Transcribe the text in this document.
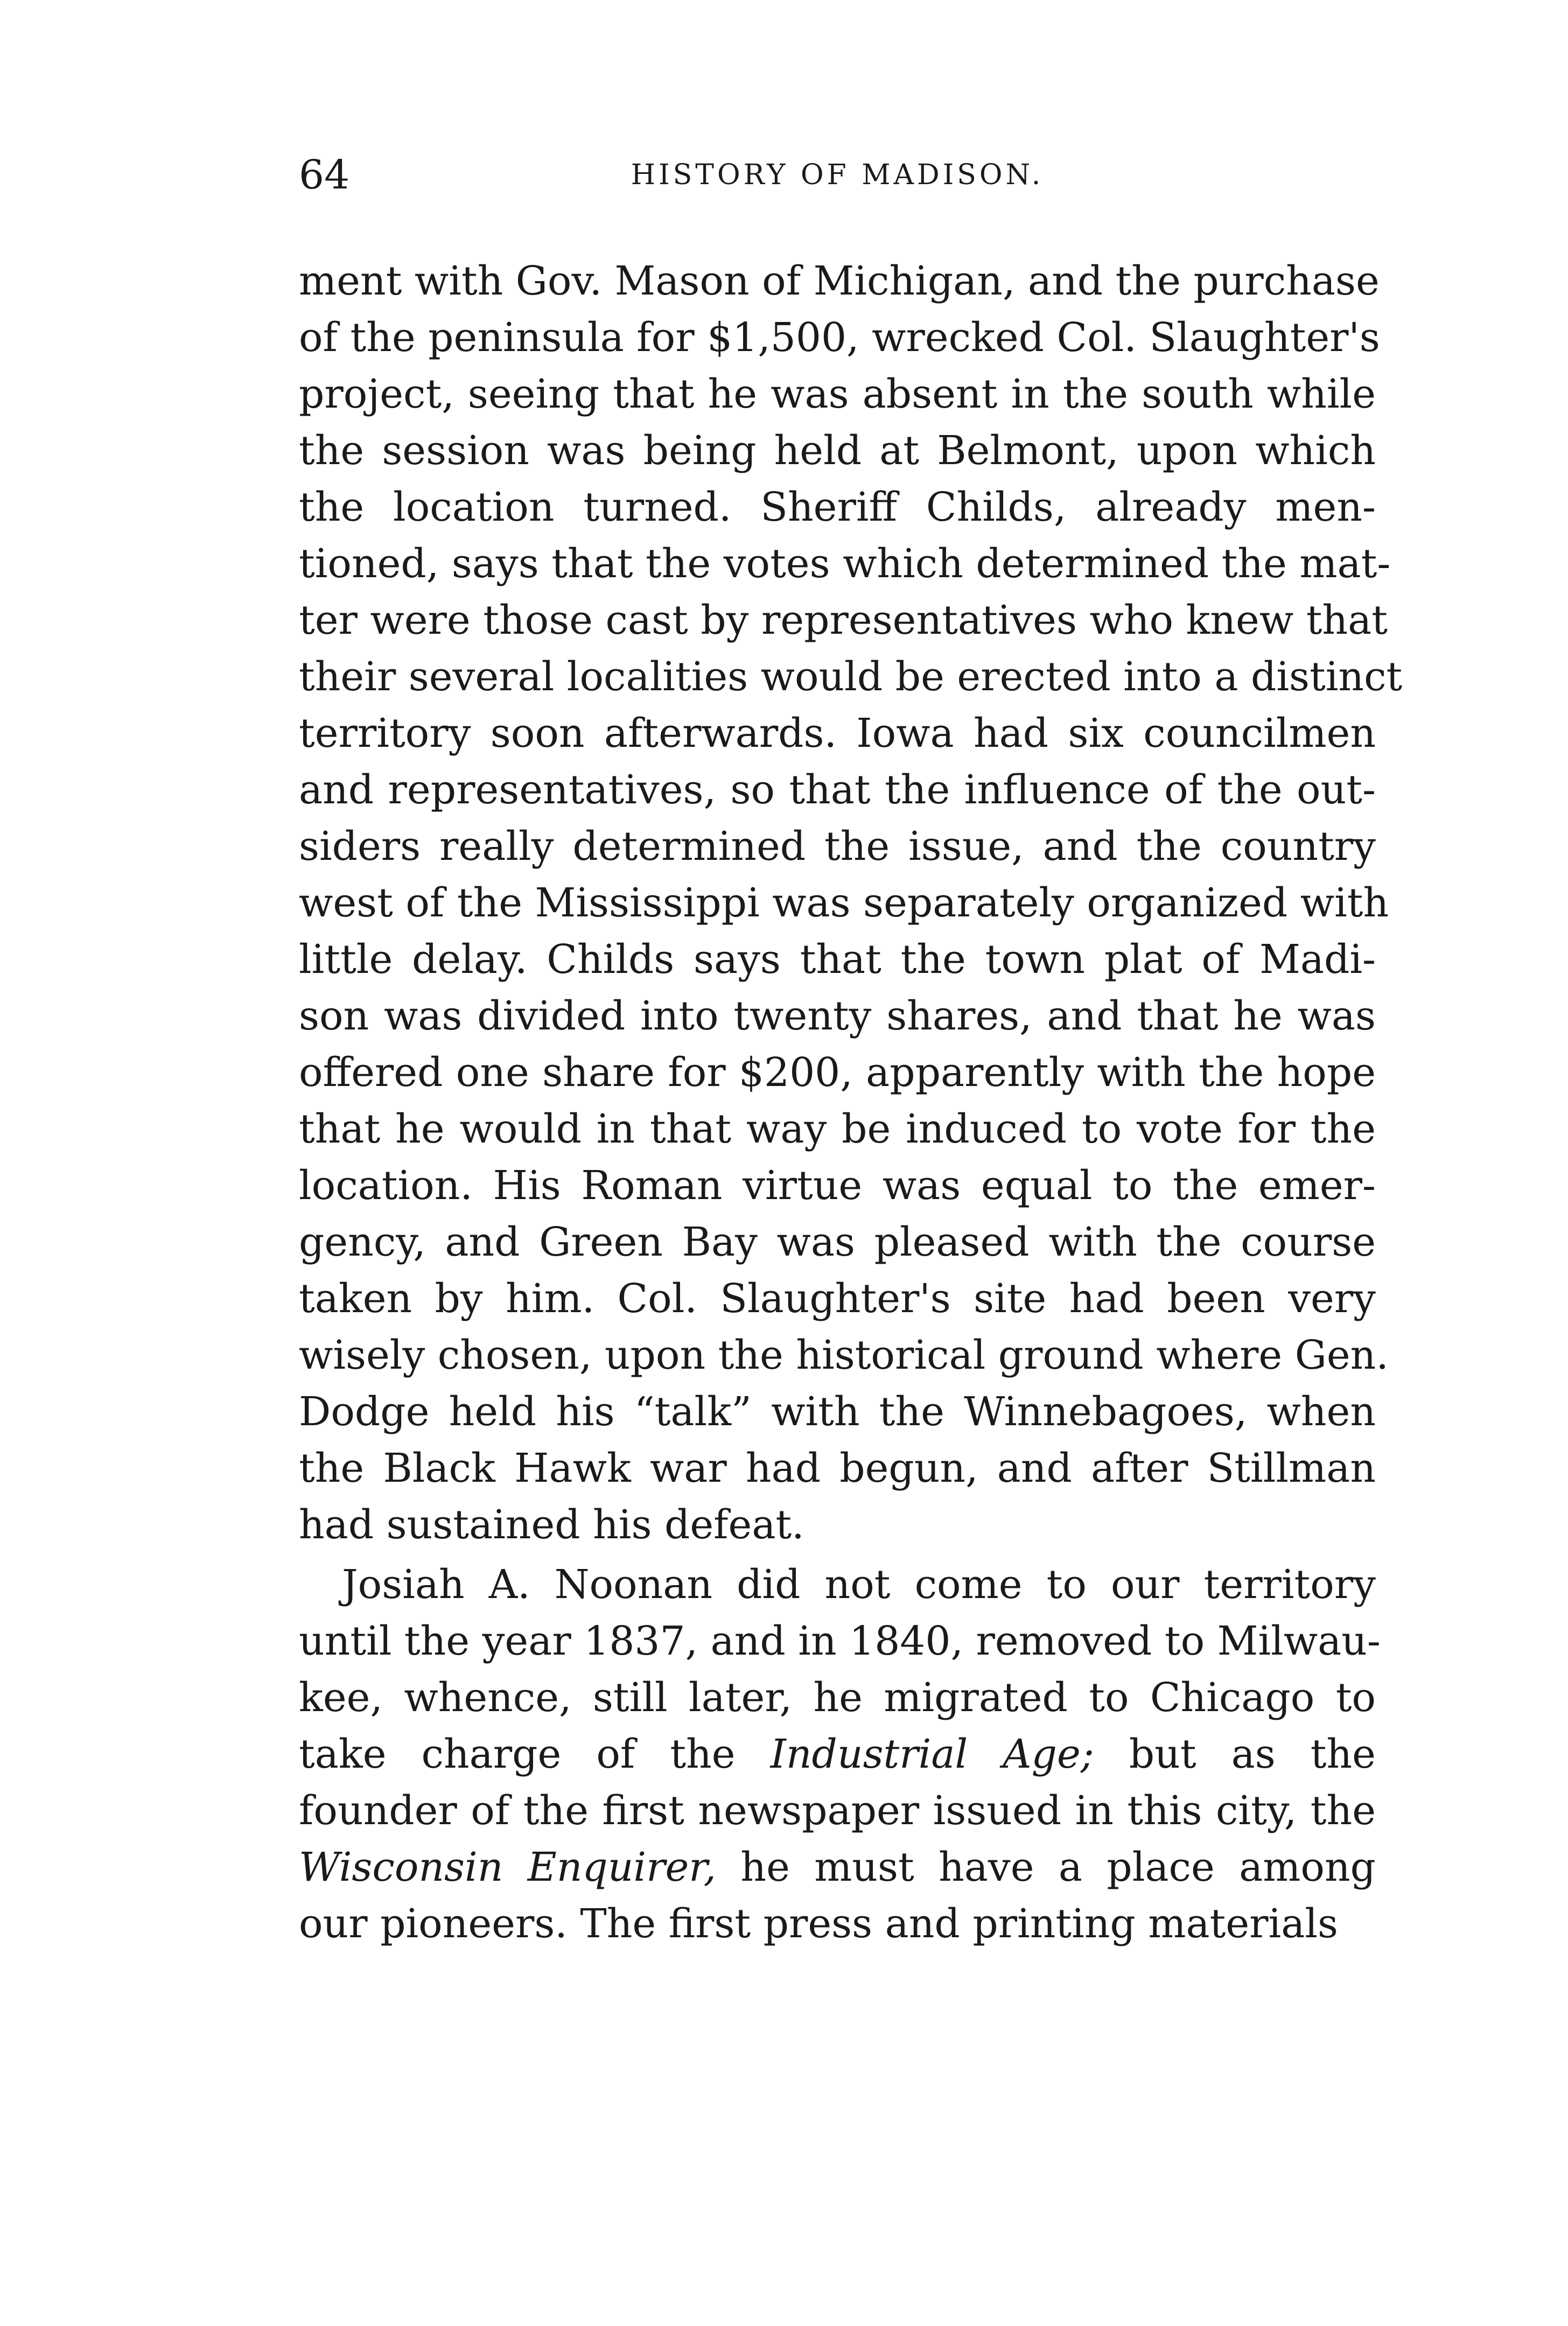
64	HISTORY OF MADISON.
ment with Gov. Mason of Michigan, and the purchase
of the peninsula for $1,500, wrecked Col. Slaughter's
project, seeing that he was absent in the south while
the session was being held at Belmont, upon which
the location turned. Sheriff Childs, already men-
tioned, says that the votes which determined the mat-
ter were those cast by representatives who knew that
their several localities would be erected into a distinct
territory soon afterwards. Iowa had six councilmen
and representatives, so that the influence of the out-
siders really determined the issue, and the country
west of the Mississippi was separately organized with
little delay. Childs says that the town plat of Madi-
son was divided into twenty shares, and that he was
offered one share for $200, apparently with the hope
that he would in that way be induced to vote for the
location. His Roman virtue was equal to the emer-
gency, and Green Bay was pleased with the course
taken by him. Col. Slaughter's site had been very
wisely chosen, upon the historical ground where Gen.
Dodge held his “talk” with the Winnebagoes, when
the Black Hawk war had begun, and after Stillman
had sustained his defeat.
Josiah A. Noonan did not come to our territory
until the year 1837, and in 1840, removed to Milwau-
kee, whence, still later, he migrated to Chicago to
take charge of the Industrial Age; but as the
founder of the first newspaper issued in this city, the
Wisconsin Enquirer, he must have a place among
our pioneers. The first press and printing materials
